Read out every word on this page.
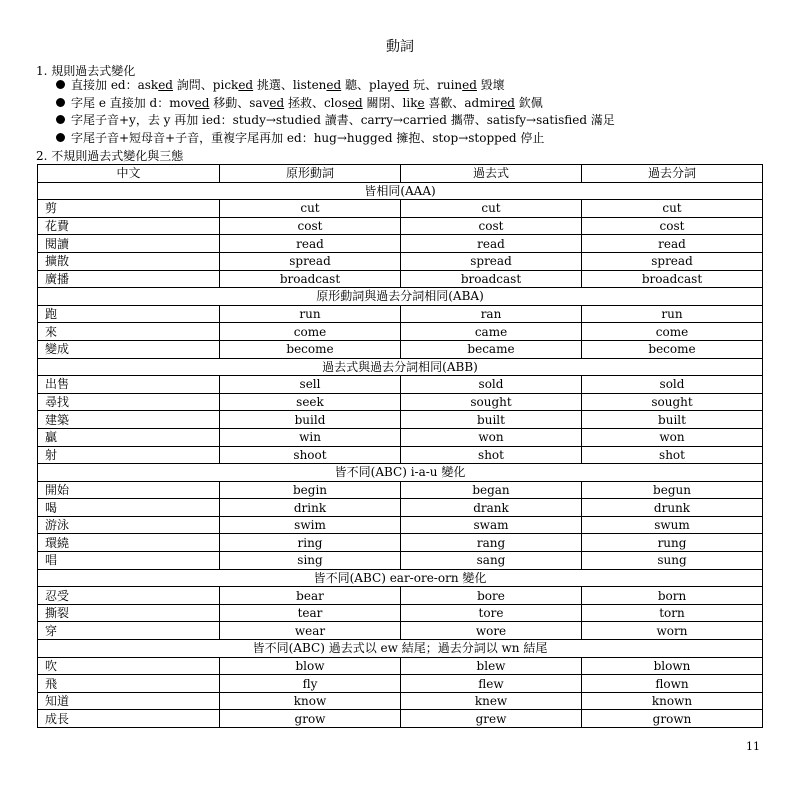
動詞
1. 規則過去式變化
直接加 ed：asked 詢問、picked 挑選、listened 聽、played 玩、ruined 毀壞
字尾 e 直接加 d：moved 移動、saved 拯救、closed 關閉、like 喜歡、admired 欽佩
字尾子音+y，去 y 再加 ied：study→studied 讀書、carry→carried 攜帶、satisfy→satisfied 滿足
字尾子音+短母音+子音，重複字尾再加 ed：hug→hugged 擁抱、stop→stopped 停止
2. 不規則過去式變化與三態
中文	原形動詞	過去式	過去分詞
皆相同(AAA)			
剪	cut	cut	cut
花費	cost	cost	cost
閱讀	read	read	read
擴散	spread	spread	spread
廣播	broadcast	broadcast	broadcast
原形動詞與過去分詞相同(ABA)			
跑	run	ran	run
來	come	came	come
變成	become	became	become
過去式與過去分詞相同(ABB)			
出售	sell	sold	sold
尋找	seek	sought	sought
建築	build	built	built
贏	win	won	won
射	shoot	shot	shot
皆不同(ABC) i-a-u 變化			
開始	begin	began	begun
喝	drink	drank	drunk
游泳	swim	swam	swum
環繞	ring	rang	rung
唱	sing	sang	sung
皆不同(ABC) ear-ore-orn 變化			
忍受	bear	bore	born
撕裂	tear	tore	torn
穿	wear	wore	worn
皆不同(ABC) 過去式以 ew 結尾；過去分詞以 wn 結尾			
吹	blow	blew	blown
飛	fly	flew	flown
知道	know	knew	known
成長	grow	grew	grown
11
